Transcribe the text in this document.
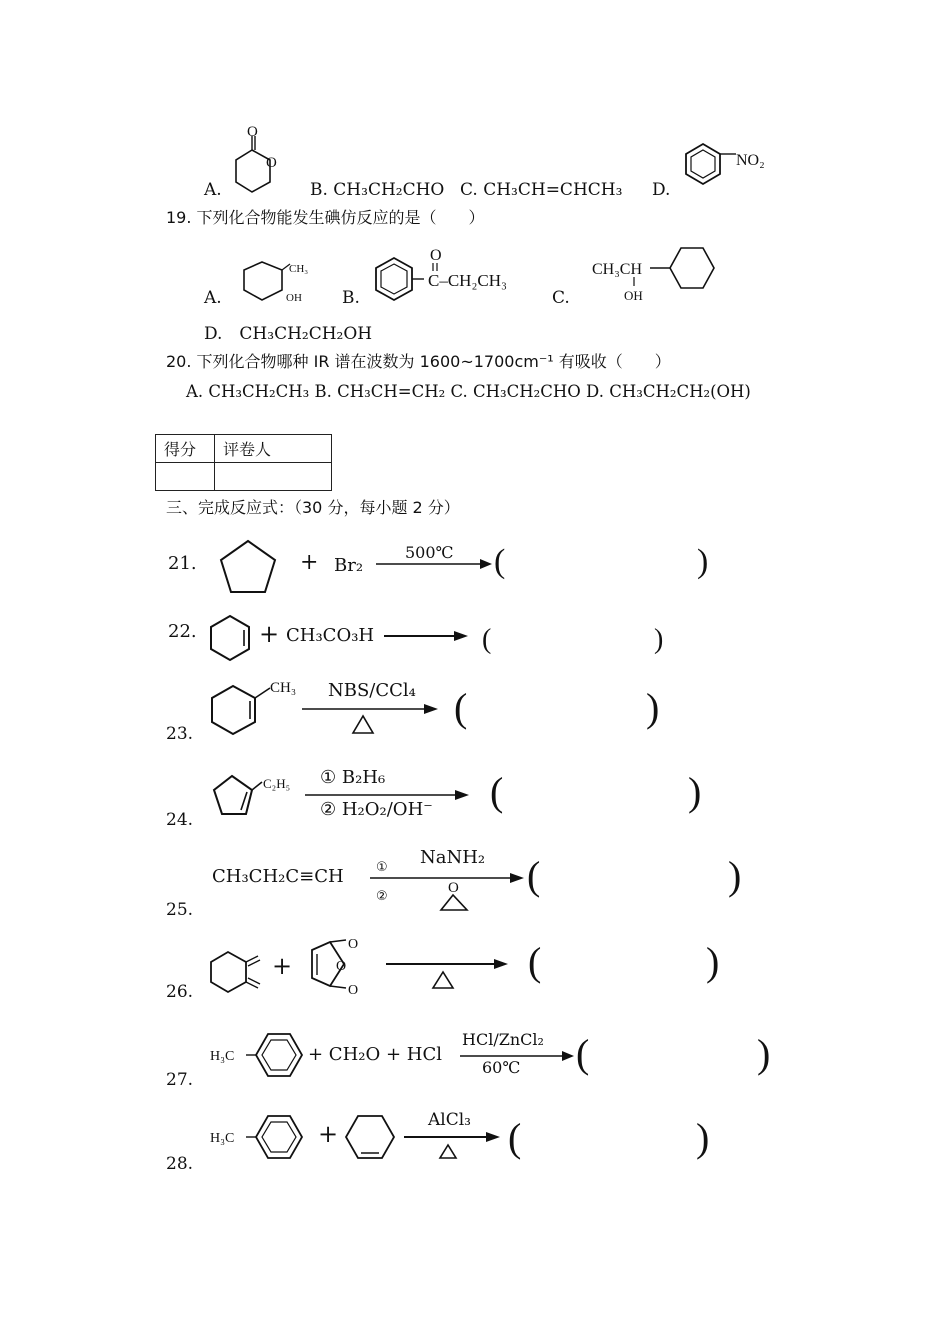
A.
O
O
B. CH₃CH₂CHO C. CH₃CH=CHCH₃ D.
NO₂
19. 下列化合物能发生碘仿反应的是（　　）
A.
CH₃
OH B.
O
C–CH₂CH₃
C.
CH₃CH
OH
D.　CH₃CH₂CH₂OH
20. 下列化合物哪种 IR 谱在波数为 1600~1700cm⁻¹ 有吸收（　　）
A. CH₃CH₂CH₃ B. CH₃CH=CH₂ C. CH₃CH₂CHO D. CH₃CH₂CH₂(OH)
得分	评卷人

三、完成反应式：（30 分，每小题 2 分）
21.	+ Br₂
500℃ (	)
22.	+ CH₃CO₃H	(	)
23.
CH₃ NBS/CCl₄ (	)
24.
C₂H₅ ① B₂H₆
② H₂O₂/OH⁻ (	)
25.
CH₃CH₂C≡CH ① NaNH₂
②	O (	)
26.
+
O
O
O
(	)
27.
H₃C	+ CH₂O + HCl
HCl/ZnCl₂
60℃ (	)
28.
H₃C	+	AlCl₃ (	)
